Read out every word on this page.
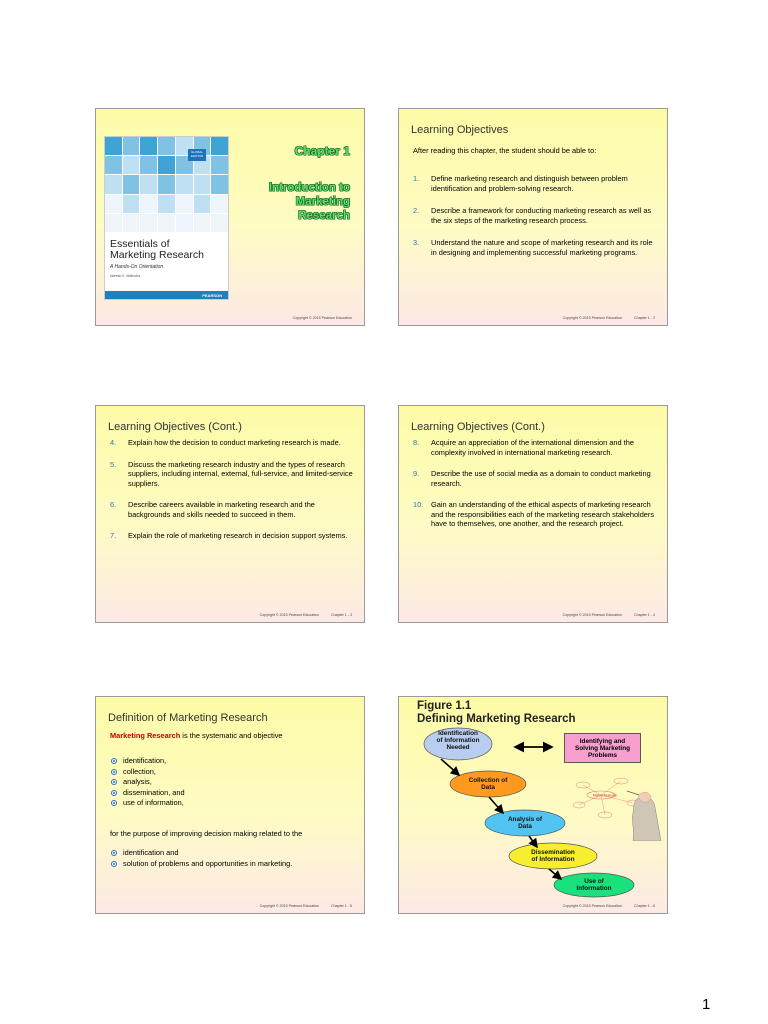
GLOBAL EDITION
Essentials of
Marketing Research
A Hands-On Orientation
Naresh K. Malhotra
PEARSON
Chapter 1
Introduction to
Marketing
Research
Copyright © 2015 Pearson Education
Learning Objectives
After reading this chapter, the student should be able to:
1. Define marketing research and distinguish between problem identification and problem-solving research.
2. Describe a framework for conducting marketing research as well as the six steps of the marketing research process.
3. Understand the nature and scope of marketing research and its role in designing and implementing successful marketing programs.
Copyright © 2015 Pearson Education	Chapter 1 - 2
Learning Objectives (Cont.)
4. Explain how the decision to conduct marketing research is made.
5. Discuss the marketing research industry and the types of research suppliers, including internal, external, full-service, and limited-service suppliers.
6. Describe careers available in marketing research and the backgrounds and skills needed to succeed in them.
7. Explain the role of marketing research in decision support systems.
Copyright © 2015 Pearson Education	Chapter 1 - 3
Learning Objectives (Cont.)
8. Acquire an appreciation of the international dimension and the complexity involved in international marketing research.
9. Describe the use of social media as a domain to conduct marketing research.
10. Gain an understanding of the ethical aspects of marketing research and the responsibilities each of the marketing research stakeholders have to themselves, one another, and the research project.
Copyright © 2015 Pearson Education	Chapter 1 - 4
Definition of Marketing Research
Marketing Research is the systematic and objective
identification,
collection,
analysis,
dissemination, and
use of information,
for the purpose of improving decision making related to the
identification and
solution of problems and opportunities in marketing.
Copyright © 2015 Pearson Education	Chapter 1 - 5
Figure 1.1
Defining Marketing Research
Identification
of Information
Needed
Collection of
Data
Analysis of
Data
Dissemination
of Information
Use of
Information
Identifying and
Solving Marketing
Problems
Market Research
Copyright © 2015 Pearson Education	Chapter 1 - 6
1
